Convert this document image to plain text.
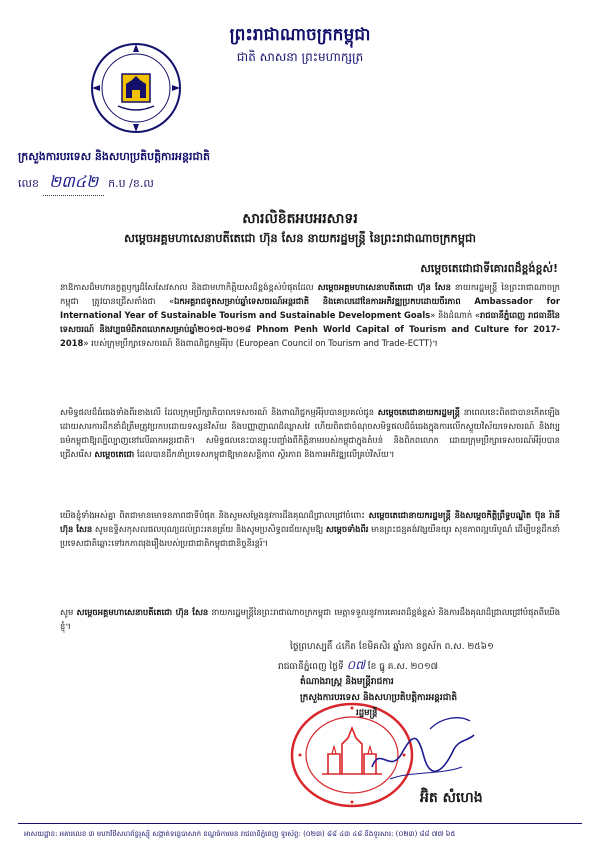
ព្រះរាជាណាចក្រកម្ពុជា
ជាតិ សាសនា ព្រះមហាក្សត្រ
ក្រសួងការបរទេស និងសហប្រតិបត្តិការអន្តរជាតិ
លេខ ២៣៤២ ក.ប /ខ.ល
សារលិខិតអបអរសាទរ
សម្តេចអគ្គមហាសេនាបតីតេជោ ហ៊ុន សែន នាយករដ្ឋមន្ត្រី នៃព្រះរាជាណាចក្រកម្ពុជា
សម្តេចតេជោជាទីគោរពដ៏ខ្ពង់ខ្ពស់!
នាឱកាសដ៏មហានក្ខត្តឫក្សដ៏សែសែវសាល និងជាមហាកិត្តិយសដ៏ខ្ពង់ខ្ពស់បំផុតដែល សម្តេចអគ្គមហាសេនាបតីតេជោ ហ៊ុន សែន នាយករដ្ឋមន្ត្រី នៃព្រះរាជាណាចក្រកម្ពុជា ត្រូវបានជ្រើសតាំងជា «ឯកអគ្គរាជទូតសម្រាប់ឆ្នាំទេសចរណ៍អន្តរជាតិ និងគោលដៅនៃការអភិវឌ្ឍប្រកបដោយចីរភាព Ambassador for International Year of Sustainable Tourism and Sustainable Development Goals» និងដំណាក់ «រាជធានីភ្នំពេញ រាជធានីនៃទេសចរណ៍ និងវប្បធម៌ពិភពលោកសម្រាប់ឆ្នាំ២០១៧-២០១៨ Phnom Penh World Capital of Tourism and Culture for 2017-2018» របស់ក្រុមប្រឹក្សាទេសចរណ៍ និងពាណិជ្ជកម្មអឺរ៉ុប (European Council on Tourism and Trade-ECTT)។
សមិទ្ធផលដ៏ធំធេងទាំងពីរខាងលើ ដែលក្រុមប្រឹក្សាភិបាលទេសចរណ៍ និងពាណិជ្ជកម្មអឺរ៉ុបបានប្រគល់ជូន សម្តេចតេជោនាយករដ្ឋមន្ត្រី នាពេលនេះពិតជាបានកើតឡើងដោយសារការដឹកនាំដ៏ត្រឹមត្រូវប្រកបដោយទស្សនវិស័យ និងបញ្ញាញាណដ៏ឈ្លាសវៃ ហើយពិតជាចំណុចសមិទ្ធផលដ៏ធំធេងក្នុងការលើកស្ទួយវិស័យទេសចរណ៍ និងវប្បធម៌កម្ពុជាឱ្យល្បីល្បាញនៅលើឆាកអន្តរជាតិ។ សមិទ្ធផលនេះបានឆ្លុះបញ្ចាំងពីកិត្តិនាមរបស់កម្ពុជាក្នុងតំបន់ និងពិភពលោក ដោយក្រុមប្រឹក្សាទេសចរណ៍អឺរ៉ុបបានជ្រើសរើស សម្តេចតេជោ ដែលបានដឹកនាំប្រទេសកម្ពុជាឱ្យមានសន្តិភាព ស្ថិរភាព និងការអភិវឌ្ឍលើគ្រប់វិស័យ។
យើងខ្ញុំទាំងអស់គ្នា ពិតជាមានមោទនភាពជាទីបំផុត និងសូមសម្តែងនូវការដឹងគុណដ៏ជ្រាលជ្រៅចំពោះ សម្តេចតេជោនាយករដ្ឋមន្ត្រី និងសម្តេចកិត្តិព្រឹទ្ធបណ្ឌិត ប៊ុន រ៉ានី ហ៊ុន សែន សូមឧទ្ទិសកុសលផលបុណ្យដល់ព្រះរតនត្រ័យ និងសូមប្រសិទ្ធពរជ័យសូមឱ្យ សម្តេចទាំងពីរ មានព្រះជន្មគង់វង្សយឺនយូរ សុខភាពល្អបរិបូណ៌ ដើម្បីបន្តដឹកនាំប្រទេសជាតិឆ្ពោះទៅរកភាពរុងរឿងរបស់ប្រជាជាតិកម្ពុជាជានិច្ចនិរន្តរ៍។
សូម សម្តេចអគ្គមហាសេនាបតីតេជោ ហ៊ុន សែន នាយករដ្ឋមន្ត្រីនៃព្រះរាជាណាចក្រកម្ពុជា មេត្តាទទួលនូវការគោរពដ៏ខ្ពង់ខ្ពស់ និងការដឹងគុណដ៏ជ្រាលជ្រៅបំផុតពីយើងខ្ញុំ។
ថ្ងៃព្រហស្បតិ៍ ៤កើត ខែមិគសិរ ឆ្នាំរកា នព្វស័ក ព.ស. ២៥៦១
រាជធានីភ្នំពេញ ថ្ងៃទី ០៧ ខែ ធ្នូ គ.ស. ២០១៧
តំណាងរាស្ត្រ និងមន្ត្រីរាជការ
ក្រសួងការបរទេស និងសហប្រតិបត្តិការអន្តរជាតិ
រដ្ឋមន្ត្រី
អ៊ិត សំហេង
អាសយដ្ឋាន: អគារលេខ ៣ មហាវិថីសហព័ន្ធរុស្ស៊ី សង្កាត់ទន្លេបាសាក់ ខណ្ឌចំការមន រាជធានីភ្នំពេញ ទូរស័ព្ទ: (០២៣) ៨៨ ៤៣ ៤៨ និងទូរសារ: (០២៣) ៨៨ ៧៧ ៦៥
